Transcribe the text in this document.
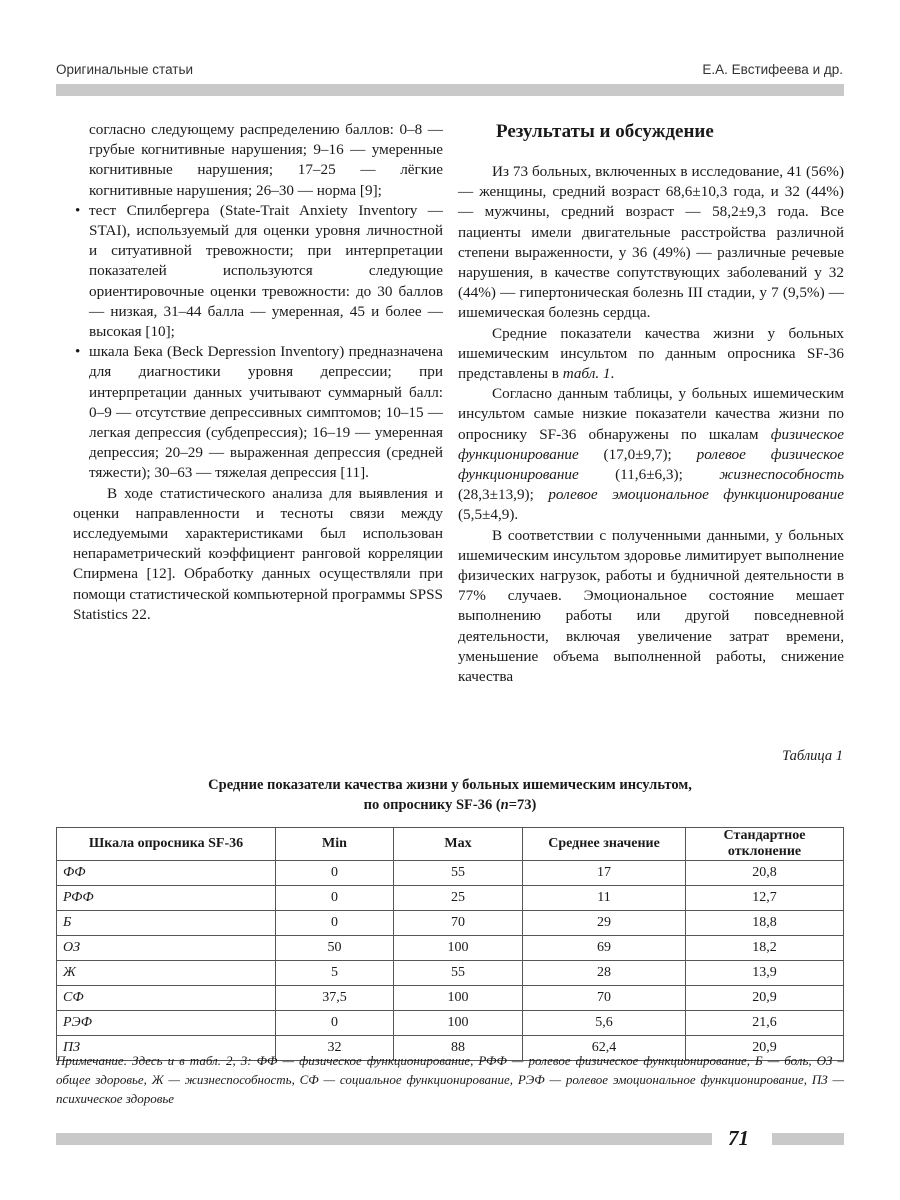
Оригинальные статьи	Е.А. Евстифеева и др.

согласно следующему распределению баллов: 0–8 — грубые когнитивные нарушения; 9–16 — умеренные когнитивные нарушения; 17–25 — лёгкие когнитивные нарушения; 26–30 — норма [9];

• тест Спилбергера (State-Trait Anxiety Inventory — STAI), используемый для оценки уровня личностной и ситуативной тревожности; при интерпретации показателей используются следующие ориентировочные оценки тревожности: до 30 баллов — низкая, 31–44 балла — умеренная, 45 и более — высокая [10];
• шкала Бека (Beck Depression Inventory) предназначена для диагностики уровня депрессии; при интерпретации данных учитывают суммарный балл: 0–9 — отсутствие депрессивных симптомов; 10–15 — легкая депрессия (субдепрессия); 16–19 — умеренная депрессия; 20–29 — выраженная депрессия (средней тяжести); 30–63 — тяжелая депрессия [11].

В ходе статистического анализа для выявления и оценки направленности и тесноты связи между исследуемыми характеристиками был использован непараметрический коэффициент ранговой корреляции Спирмена [12]. Обработку данных осуществляли при помощи статистической компьютерной программы SPSS Statistics 22.

Результаты и обсуждение

Из 73 больных, включенных в исследование, 41 (56%) — женщины, средний возраст 68,6±10,3 года, и 32 (44%) — мужчины, средний возраст — 58,2±9,3 года. Все пациенты имели двигательные расстройства различной степени выраженности, у 36 (49%) — различные речевые нарушения, в качестве сопутствующих заболеваний у 32 (44%) — гипертоническая болезнь III стадии, у 7 (9,5%) — ишемическая болезнь сердца.

Средние показатели качества жизни у больных ишемическим инсультом по данным опросника SF-36 представлены в табл. 1.

Согласно данным таблицы, у больных ишемическим инсультом самые низкие показатели качества жизни по опроснику SF-36 обнаружены по шкалам физическое функционирование (17,0±9,7); ролевое физическое функционирование (11,6±6,3); жизнеспособность (28,3±13,9); ролевое эмоциональное функционирование (5,5±4,9).

В соответствии с полученными данными, у больных ишемическим инсультом здоровье лимитирует выполнение физических нагрузок, работы и будничной деятельности в 77% случаев. Эмоциональное состояние мешает выполнению работы или другой повседневной деятельности, включая увеличение затрат времени, уменьшение объема выполненной работы, снижение качества

Таблица 1
Средние показатели качества жизни у больных ишемическим инсультом,
по опроснику SF-36 (n=73)
Шкала опросника SF-36	Min	Max	Среднее значение	Стандартное отклонение
ФФ	0	55	17	20,8
РФФ	0	25	11	12,7
Б	0	70	29	18,8
ОЗ	50	100	69	18,2
Ж	5	55	28	13,9
СФ	37,5	100	70	20,9
РЭФ	0	100	5,6	21,6
ПЗ	32	88	62,4	20,9
Примечание. Здесь и в табл. 2, 3: ФФ — физическое функционирование, РФФ — ролевое физическое функционирование, Б — боль, ОЗ – общее здоровье, Ж — жизнеспособность, СФ — социальное функционирование, РЭФ — ролевое эмоциональное функционирование, ПЗ — психическое здоровье
71
